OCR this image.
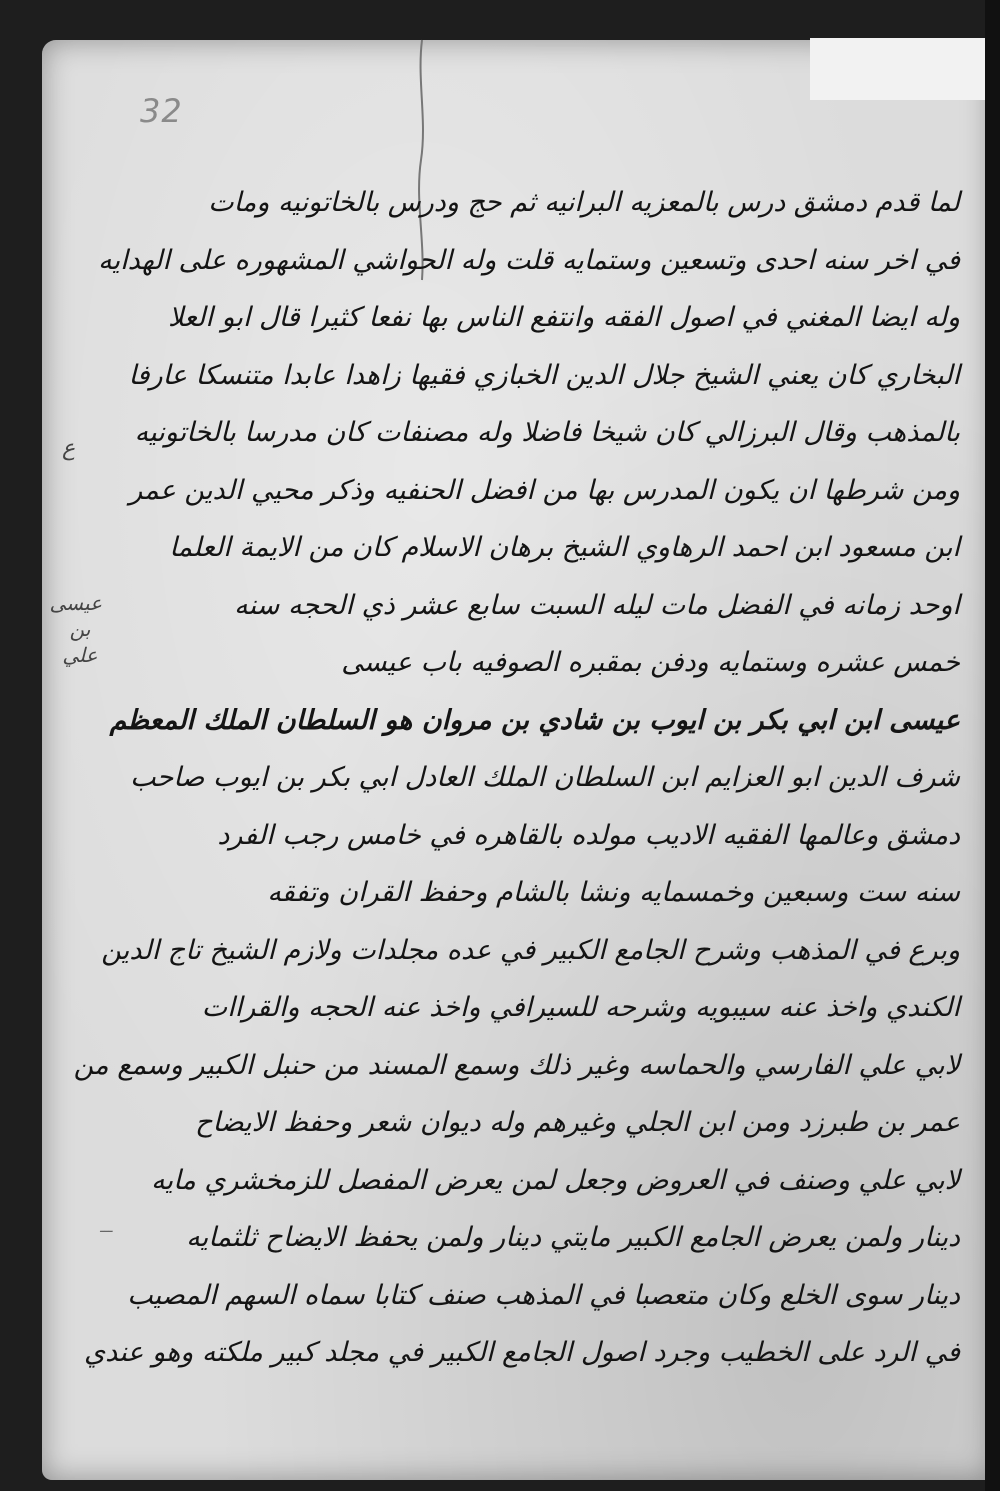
32
لما قدم دمشق درس بالمعزيه البرانيه ثم حج ودرس بالخاتونيه ومات
في اخر سنه احدى وتسعين وستمايه قلت وله الحواشي المشهوره على الهدايه
وله ايضا المغني في اصول الفقه وانتفع الناس بها نفعا كثيرا قال ابو العلا
البخاري كان يعني الشيخ جلال الدين الخبازي فقيها زاهدا عابدا متنسكا عارفا
بالمذهب وقال البرزالي كان شيخا فاضلا وله مصنفات كان مدرسا بالخاتونيه
ومن شرطها ان يكون المدرس بها من افضل الحنفيه وذكر محيي الدين عمر
ابن مسعود ابن احمد الرهاوي الشيخ برهان الاسلام كان من الايمة العلما
اوحد زمانه في الفضل مات ليله السبت سابع عشر ذي الحجه سنه
خمس عشره وستمايه ودفن بمقبره الصوفيه باب عيسى
عيسى ابن ابي بكر بن ايوب بن شادي بن مروان هو السلطان الملك المعظم
شرف الدين ابو العزايم ابن السلطان الملك العادل ابي بكر بن ايوب صاحب
دمشق وعالمها الفقيه الاديب مولده بالقاهره في خامس رجب الفرد
سنه ست وسبعين وخمسمايه ونشا بالشام وحفظ القران وتفقه
وبرع في المذهب وشرح الجامع الكبير في عده مجلدات ولازم الشيخ تاج الدين
الكندي واخذ عنه سيبويه وشرحه للسيرافي واخذ عنه الحجه والقراات
لابي علي الفارسي والحماسه وغير ذلك وسمع المسند من حنبل الكبير وسمع من
عمر بن طبرزد ومن ابن الجلي وغيرهم وله ديوان شعر وحفظ الايضاح
لابي علي وصنف في العروض وجعل لمن يعرض المفصل للزمخشري مايه
دينار ولمن يعرض الجامع الكبير مايتي دينار ولمن يحفظ الايضاح ثلثمايه
دينار سوى الخلع وكان متعصبا في المذهب صنف كتابا سماه السهم المصيب
في الرد على الخطيب وجرد اصول الجامع الكبير في مجلد كبير ملكته وهو عندي
ع
عيسى بن علي
ـــ
